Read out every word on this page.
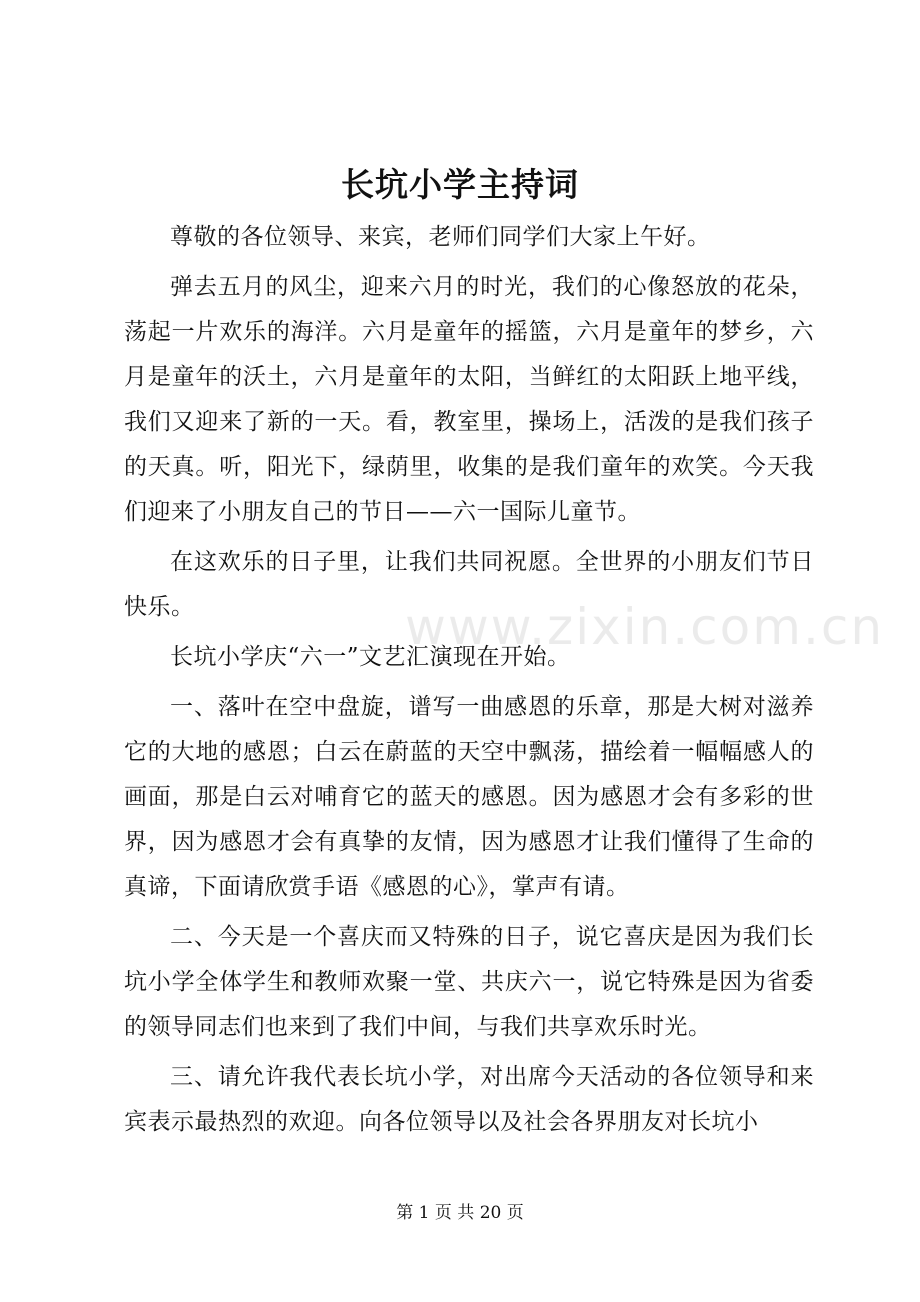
长坑小学主持词

尊敬的各位领导、来宾，老师们同学们大家上午好。

弹去五月的风尘，迎来六月的时光，我们的心像怒放的花朵，荡起一片欢乐的海洋。六月是童年的摇篮，六月是童年的梦乡，六月是童年的沃土，六月是童年的太阳，当鲜红的太阳跃上地平线，我们又迎来了新的一天。看，教室里，操场上，活泼的是我们孩子的天真。听，阳光下，绿荫里，收集的是我们童年的欢笑。今天我们迎来了小朋友自己的节日——六一国际儿童节。

在这欢乐的日子里，让我们共同祝愿。全世界的小朋友们节日快乐。

长坑小学庆“六一”文艺汇演现在开始。

一、落叶在空中盘旋，谱写一曲感恩的乐章，那是大树对滋养它的大地的感恩；白云在蔚蓝的天空中飘荡，描绘着一幅幅感人的画面，那是白云对哺育它的蓝天的感恩。因为感恩才会有多彩的世界，因为感恩才会有真挚的友情，因为感恩才让我们懂得了生命的真谛，下面请欣赏手语《感恩的心》，掌声有请。

二、今天是一个喜庆而又特殊的日子，说它喜庆是因为我们长坑小学全体学生和教师欢聚一堂、共庆六一，说它特殊是因为省委的领导同志们也来到了我们中间，与我们共享欢乐时光。

三、请允许我代表长坑小学，对出席今天活动的各位领导和来宾表示最热烈的欢迎。向各位领导以及社会各界朋友对长坑小

www.zixin.com.cn
第 1 页 共 20 页
